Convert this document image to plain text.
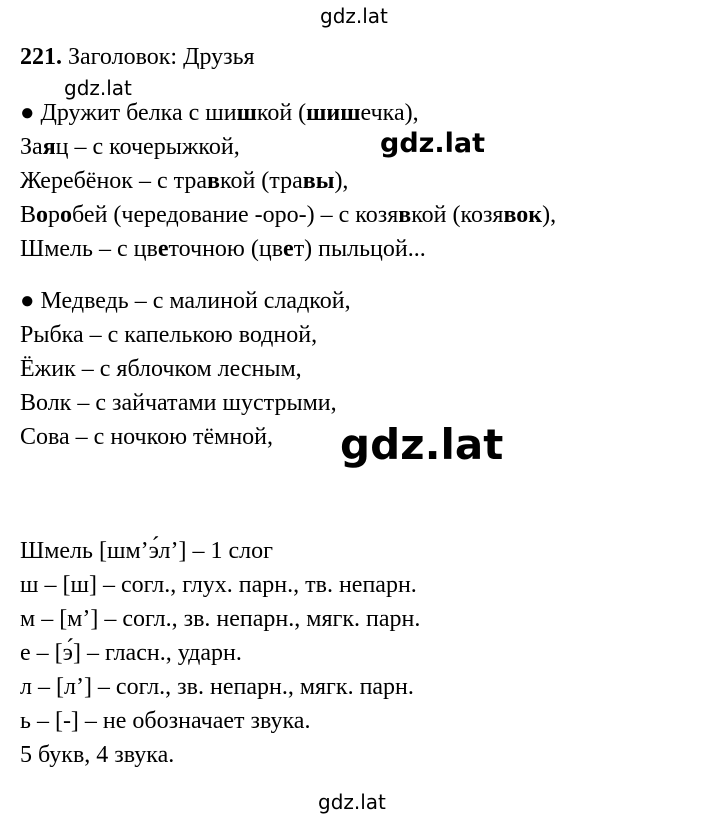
gdz.lat
221. Заголовок: Друзья
gdz.lat
● Дружит белка с шишкой (шишечка),
Заяц – с кочерыжкой,
Жеребёнок – с травкой (травы),
Воробей (чередование -оро-) – с козявкой (козявок),
Шмель – с цветочною (цвет) пыльцой...
gdz.lat
● Медведь – с малиной сладкой,
Рыбка – с капелькою водной,
Ёжик – с яблочком лесным,
Волк – с зайчатами шустрыми,
Сова – с ночкою тёмной, gdz.lat
Шмель [шм’э́л’] – 1 слог
ш – [ш] – согл., глух. парн., тв. непарн.
м – [м’] – согл., зв. непарн., мягк. парн.
е – [э́] – гласн., ударн.
л – [л’] – согл., зв. непарн., мягк. парн.
ь – [-] – не обозначает звука.
5 букв, 4 звука.
gdz.lat
